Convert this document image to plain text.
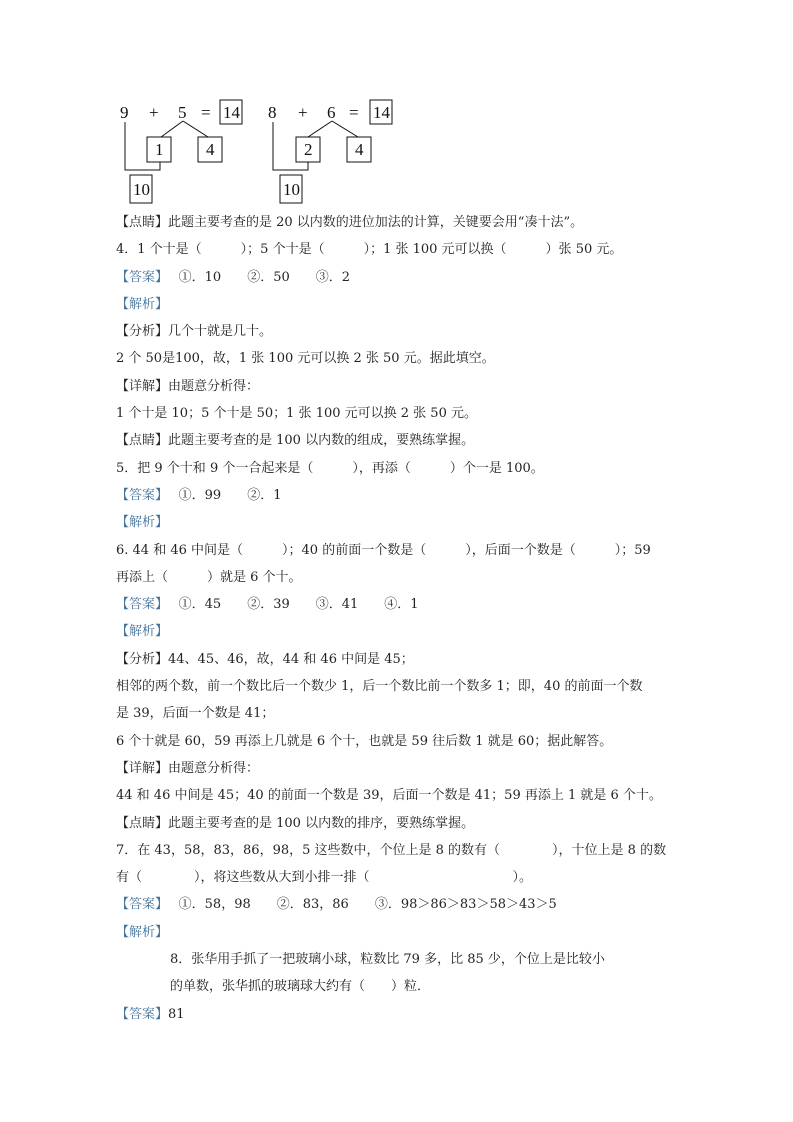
9 + 5 = 14
1	4
10
8 + 6 = 14
2	4
10
【点睛】此题主要考查的是 20 以内数的进位加法的计算，关键要会用“凑十法”。
4．1 个十是（　　　）；5 个十是（　　　）；1 张 100 元可以换（　　　）张 50 元。
【答案】　 ①．10　　②．50　　③．2
【解析】
【分析】几个十就是几十。
2 个 50是100，故，1 张 100 元可以换 2 张 50 元。据此填空。
【详解】由题意分析得：
1 个十是 10；5 个十是 50；1 张 100 元可以换 2 张 50 元。
【点睛】此题主要考查的是 100 以内数的组成，要熟练掌握。
5．把 9 个十和 9 个一合起来是（　　　），再添（　　　）个一是 100。
【答案】　 ①．99　　②．1
【解析】
6. 44 和 46 中间是（　　　）；40 的前面一个数是（　　　），后面一个数是（　　　）；59
再添上（　　　）就是 6 个十。
【答案】　 ①．45　　②．39　　③．41　　④．1
【解析】
【分析】44、45、46，故，44 和 46 中间是 45；
相邻的两个数，前一个数比后一个数少 1，后一个数比前一个数多 1；即，40 的前面一个数
是 39，后面一个数是 41；
6 个十就是 60，59 再添上几就是 6 个十，也就是 59 往后数 1 就是 60；据此解答。
【详解】由题意分析得：
44 和 46 中间是 45；40 的前面一个数是 39，后面一个数是 41；59 再添上 1 就是 6 个十。
【点睛】此题主要考查的是 100 以内数的排序，要熟练掌握。
7．在 43，58，83，86，98，5 这些数中，个位上是 8 的数有（　　　　），十位上是 8 的数
有（　　　　），将这些数从大到小排一排（　　　　　　　　　　　）。
【答案】　 ①．58，98　　②．83，86　　③．98＞86＞83＞58＞43＞5
【解析】
8．张华用手抓了一把玻璃小球，粒数比 79 多，比 85 少，个位上是比较小
的单数，张华抓的玻璃球大约有（　　）粒．
【答案】81
